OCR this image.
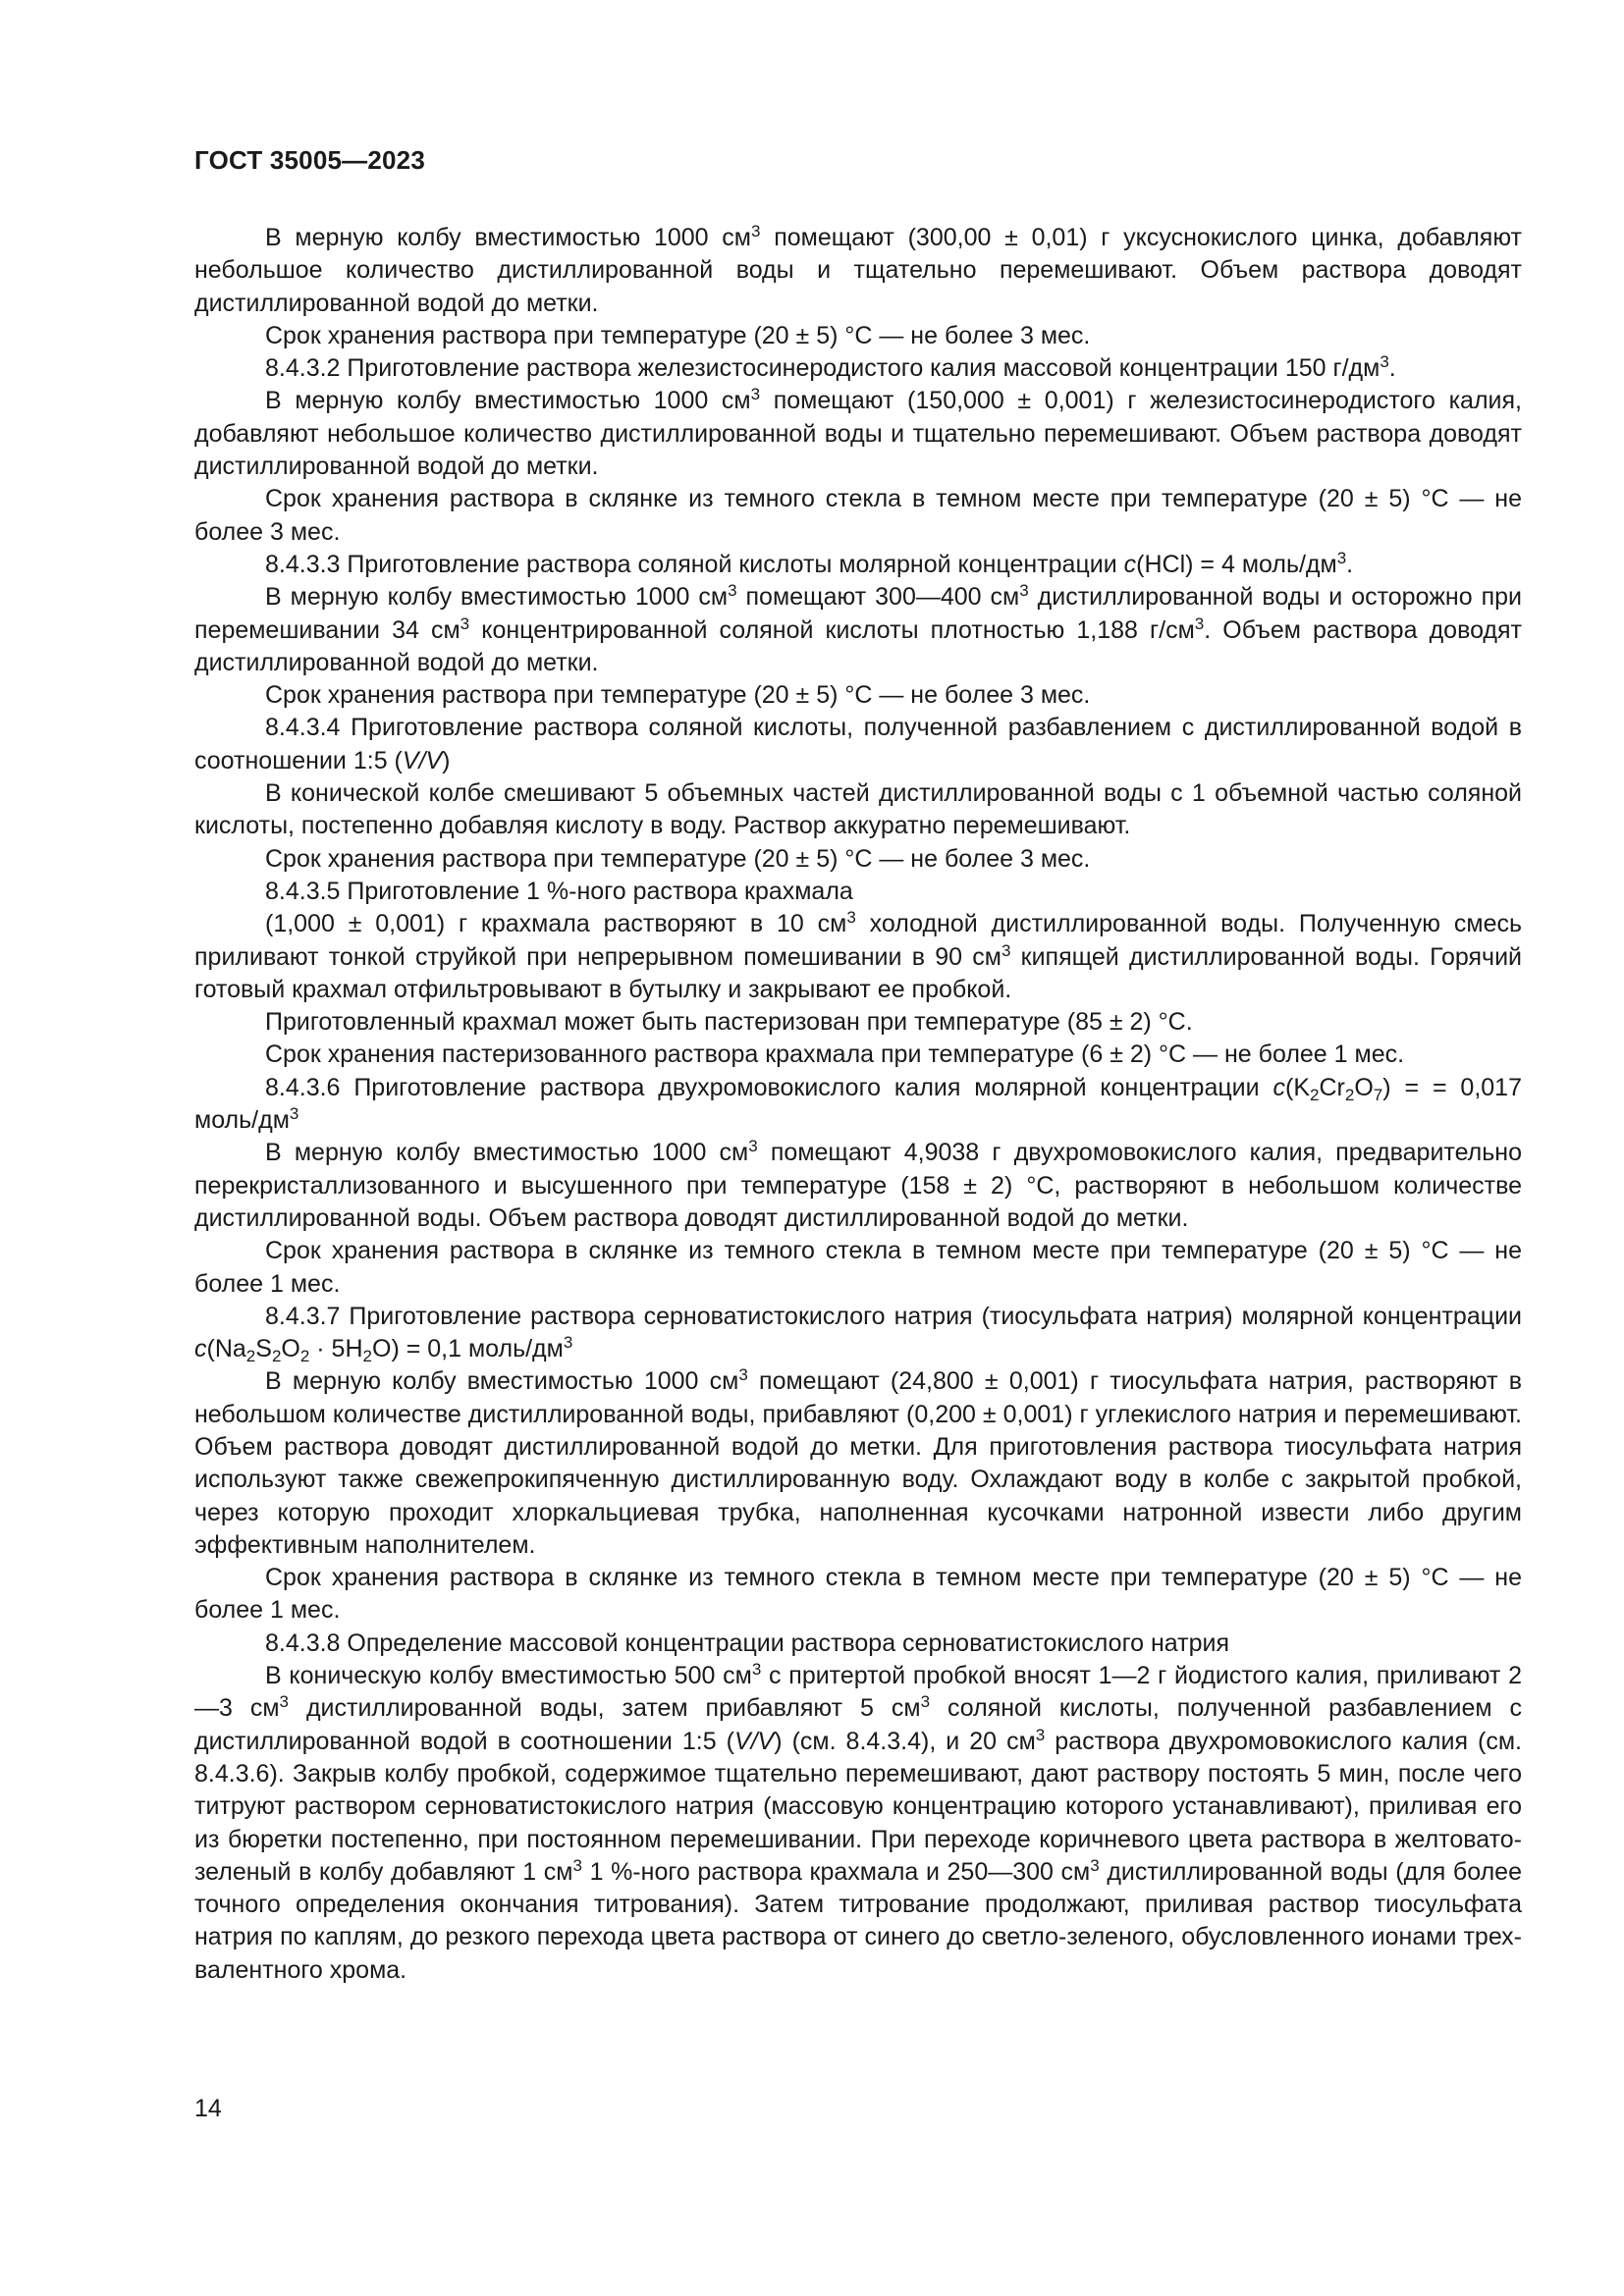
ГОСТ 35005—2023

В мерную колбу вместимостью 1000 $см^3$ помещают (300,00 ± 0,01) г уксуснокислого цинка, добавляют небольшое количество дистиллированной воды и тщательно перемешивают. Объем раствора доводят дистиллированной водой до метки.

Срок хранения раствора при температуре (20 ± 5) °С — не более 3 мес.

8.4.3.2 Приготовление раствора железистосинеродистого калия массовой концентрации 150 $г/дм^3$.

В мерную колбу вместимостью 1000 $см^3$ помещают (150,000 ± 0,001) г железистосинеродистого калия, добавляют небольшое количество дистиллированной воды и тщательно перемешивают. Объем раствора доводят дистиллированной водой до метки.

Срок хранения раствора в склянке из темного стекла в темном месте при температуре (20 ± 5) °С — не более 3 мес.

8.4.3.3 Приготовление раствора соляной кислоты молярной концентрации c(HCl) = 4 моль/$дм^3$.

В мерную колбу вместимостью 1000 $см^3$ помещают 300—400 $см^3$ дистиллированной воды и осторожно при перемешивании 34 $см^3$ концентрированной соляной кислоты плотностью 1,188 $г/см^3$. Объем раствора доводят дистиллированной водой до метки.

Срок хранения раствора при температуре (20 ± 5) °С — не более 3 мес.

8.4.3.4 Приготовление раствора соляной кислоты, полученной разбавлением с дистиллированной водой в соотношении 1:5 (V/V)

В конической колбе смешивают 5 объемных частей дистиллированной воды с 1 объемной частью соляной кислоты, постепенно добавляя кислоту в воду. Раствор аккуратно перемешивают.

Срок хранения раствора при температуре (20 ± 5) °С — не более 3 мес.

8.4.3.5 Приготовление 1 %-ного раствора крахмала

(1,000 ± 0,001) г крахмала растворяют в 10 $см^3$ холодной дистиллированной воды. Полученную смесь приливают тонкой струйкой при непрерывном помешивании в 90 $см^3$ кипящей дистиллированной воды. Горячий готовый крахмал отфильтровывают в бутылку и закрывают ее пробкой.

Приготовленный крахмал может быть пастеризован при температуре (85 ± 2) °С.

Срок хранения пастеризованного раствора крахмала при температуре (6 ± 2) °С — не более 1 мес.

8.4.3.6 Приготовление раствора двухромовокислого калия молярной концентрации $c(K_2Cr_2O_7)$ = = 0,017 моль/$дм^3$

В мерную колбу вместимостью 1000 $см^3$ помещают 4,9038 г двухромовокислого калия, предварительно перекристаллизованного и высушенного при температуре (158 ± 2) °С, растворяют в небольшом количестве дистиллированной воды. Объем раствора доводят дистиллированной водой до метки.

Срок хранения раствора в склянке из темного стекла в темном месте при температуре (20 ± 5) °С — не более 1 мес.

8.4.3.7 Приготовление раствора серноватистокислого натрия (тиосульфата натрия) молярной концентрации $c(Na_2S_2O_2 \cdot 5H_2O) = 0,1$ моль/$дм^3$

В мерную колбу вместимостью 1000 $см^3$ помещают (24,800 ± 0,001) г тиосульфата натрия, растворяют в небольшом количестве дистиллированной воды, прибавляют (0,200 ± 0,001) г углекислого натрия и перемешивают. Объем раствора доводят дистиллированной водой до метки. Для приготовления раствора тиосульфата натрия используют также свежепрокипяченную дистиллированную воду. Охлаждают воду в колбе с закрытой пробкой, через которую проходит хлоркальциевая трубка, наполненная кусочками натронной извести либо другим эффективным наполнителем.

Срок хранения раствора в склянке из темного стекла в темном месте при температуре (20 ± 5) °С — не более 1 мес.

8.4.3.8 Определение массовой концентрации раствора серноватистокислого натрия

В коническую колбу вместимостью 500 $см^3$ с притертой пробкой вносят 1—2 г йодистого калия, приливают 2—3 $см^3$ дистиллированной воды, затем прибавляют 5 $см^3$ соляной кислоты, полученной разбавлением с дистиллированной водой в соотношении 1:5 (V/V) (см. 8.4.3.4), и 20 $см^3$ раствора двухромовокислого калия (см. 8.4.3.6). Закрыв колбу пробкой, содержимое тщательно перемешивают, дают раствору постоять 5 мин, после чего титруют раствором серноватистокислого натрия (массовую концентрацию которого устанавливают), приливая его из бюретки постепенно, при постоянном перемешивании. При переходе коричневого цвета раствора в желтовато-зеленый в колбу добавляют 1 $см^3$ 1 %-ного раствора крахмала и 250—300 $см^3$ дистиллированной воды (для более точного определения окончания титрования). Затем титрование продолжают, приливая раствор тиосульфата натрия по каплям, до резкого перехода цвета раствора от синего до светло-зеленого, обусловленного ионами трехвалентного хрома.

14
